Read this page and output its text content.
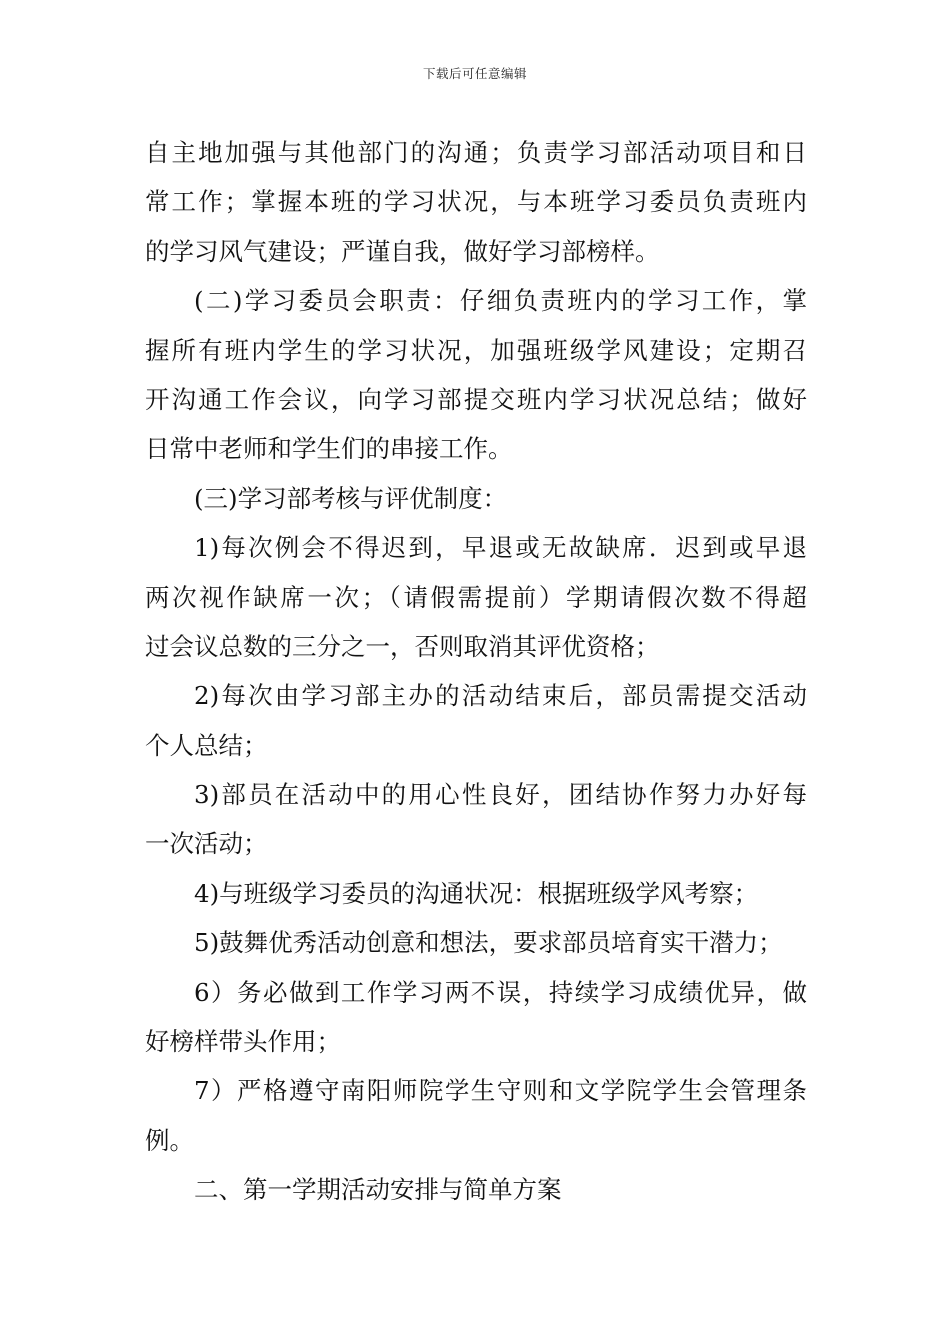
下载后可任意编辑
自主地加强与其他部门的沟通；负责学习部活动项目和日
常工作；掌握本班的学习状况，与本班学习委员负责班内
的学习风气建设；严谨自我，做好学习部榜样。
(二)学习委员会职责：仔细负责班内的学习工作，掌
握所有班内学生的学习状况，加强班级学风建设；定期召
开沟通工作会议，向学习部提交班内学习状况总结；做好
日常中老师和学生们的串接工作。
(三)学习部考核与评优制度：
1)每次例会不得迟到，早退或无故缺席．迟到或早退
两次视作缺席一次；（请假需提前）学期请假次数不得超
过会议总数的三分之一，否则取消其评优资格；
2)每次由学习部主办的活动结束后，部员需提交活动
个人总结；
3)部员在活动中的用心性良好，团结协作努力办好每
一次活动；
4)与班级学习委员的沟通状况：根据班级学风考察；
5)鼓舞优秀活动创意和想法，要求部员培育实干潜力；
6）务必做到工作学习两不误，持续学习成绩优异，做
好榜样带头作用；
7）严格遵守南阳师院学生守则和文学院学生会管理条
例。
二、第一学期活动安排与简单方案
